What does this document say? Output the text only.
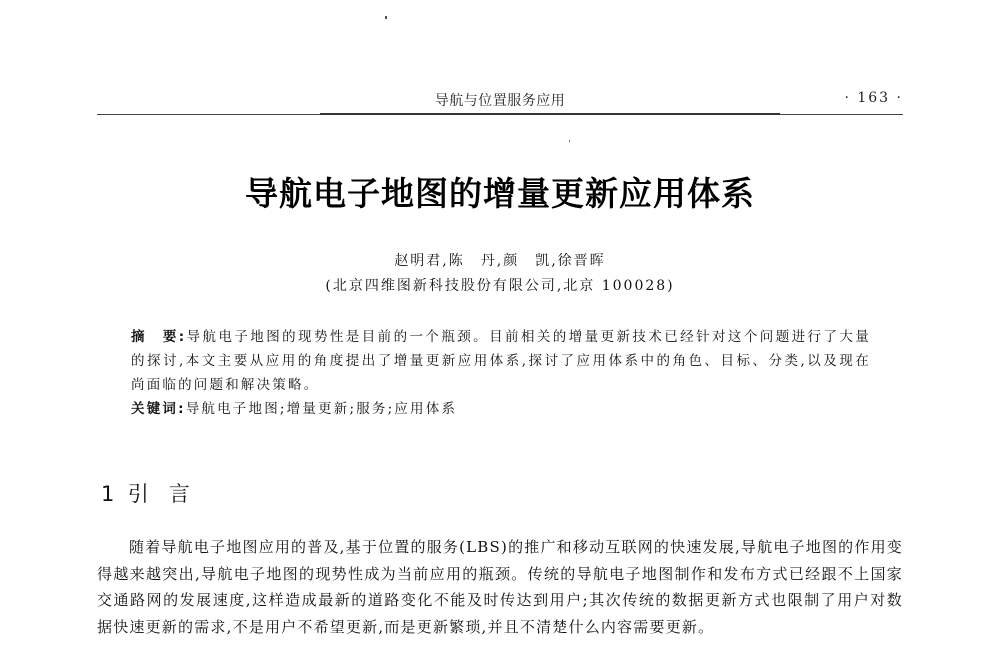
导航与位置服务应用	· 163 ·
导航电子地图的增量更新应用体系
赵明君,陈　丹,颜　凯,徐晋晖
(北京四维图新科技股份有限公司,北京 100028)
摘　要:导航电子地图的现势性是目前的一个瓶颈。目前相关的增量更新技术已经针对这个问题进行了大量的探讨,本文主要从应用的角度提出了增量更新应用体系,探讨了应用体系中的角色、目标、分类,以及现在尚面临的问题和解决策略。
关键词:导航电子地图;增量更新;服务;应用体系
1  引   言

随着导航电子地图应用的普及,基于位置的服务(LBS)的推广和移动互联网的快速发展,导航电子地图的作用变得越来越突出,导航电子地图的现势性成为当前应用的瓶颈。传统的导航电子地图制作和发布方式已经跟不上国家交通路网的发展速度,这样造成最新的道路变化不能及时传达到用户;其次传统的数据更新方式也限制了用户对数据快速更新的需求,不是用户不希望更新,而是更新繁琐,并且不清楚什么内容需要更新。
